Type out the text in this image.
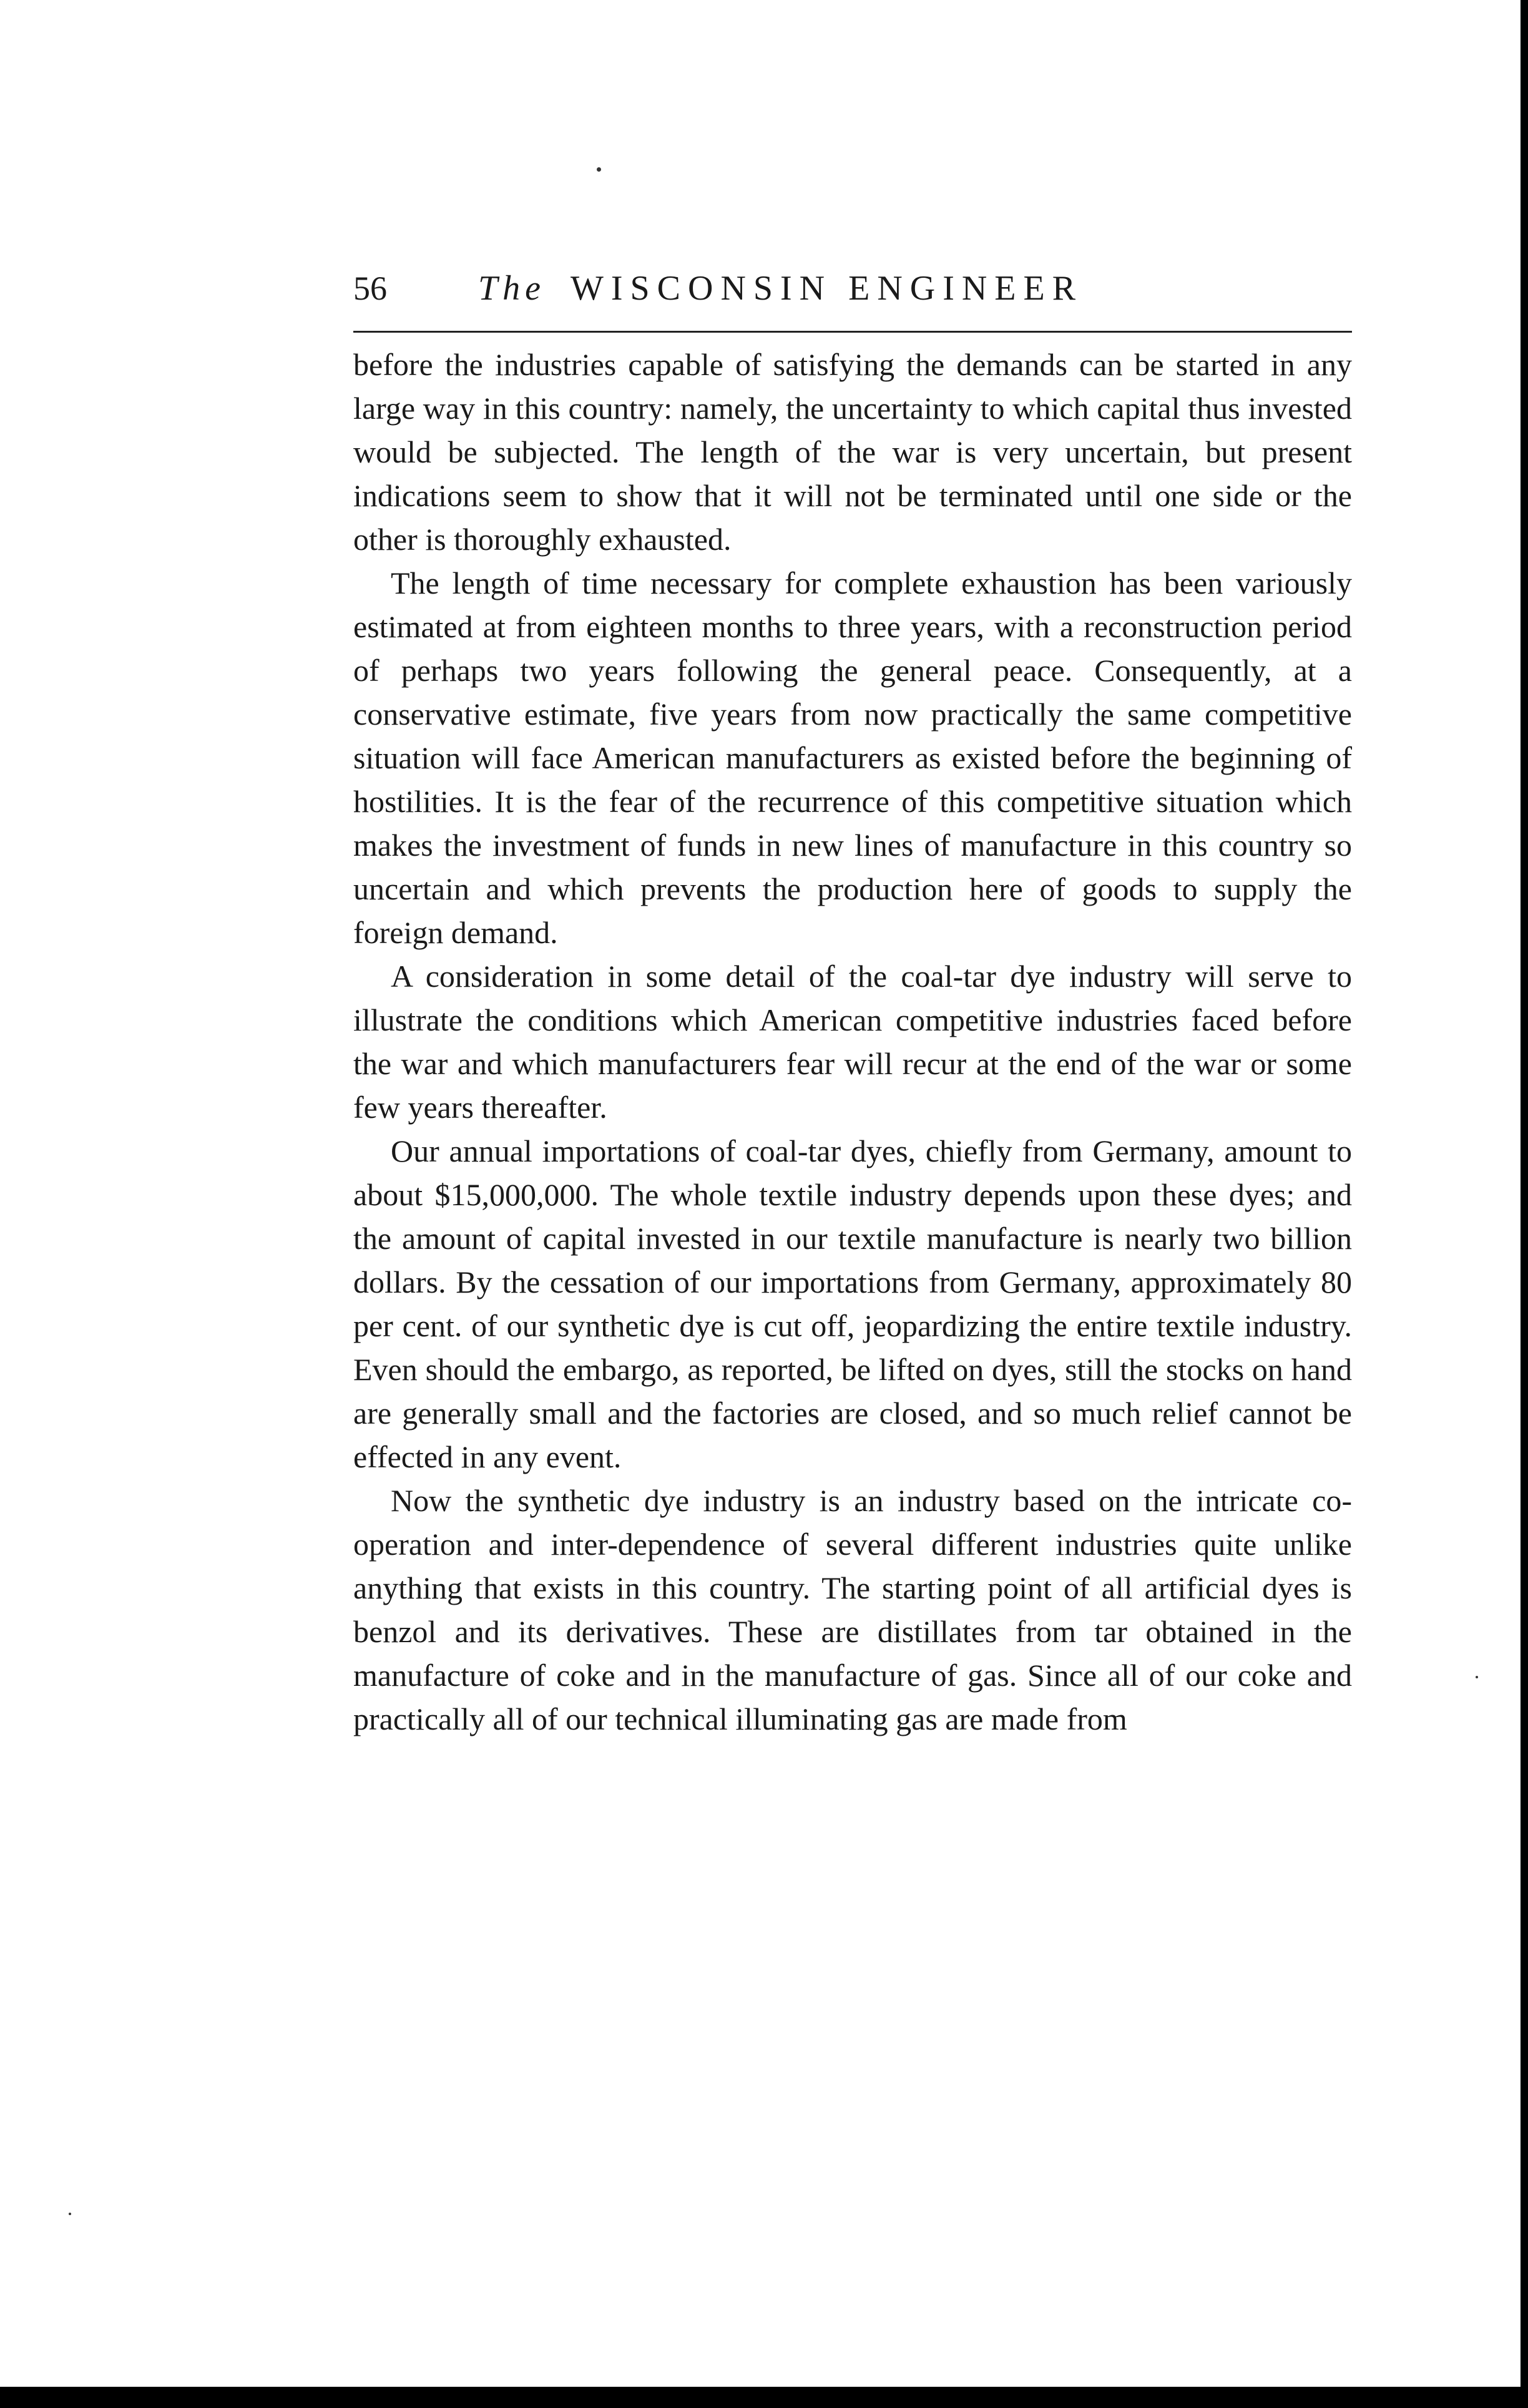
56	The WISCONSIN ENGINEER

before the industries capable of satisfying the demands can be started in any large way in this country: namely, the uncertainty to which capital thus invested would be subjected. The length of the war is very uncertain, but present indications seem to show that it will not be terminated until one side or the other is thoroughly exhausted.

The length of time necessary for complete exhaustion has been variously estimated at from eighteen months to three years, with a reconstruction period of perhaps two years following the general peace. Consequently, at a conservative estimate, five years from now practically the same competitive situation will face American manufacturers as existed before the beginning of hostilities. It is the fear of the recurrence of this competitive situation which makes the investment of funds in new lines of manufacture in this country so uncertain and which prevents the production here of goods to supply the foreign demand.

A consideration in some detail of the coal-tar dye industry will serve to illustrate the conditions which American competitive industries faced before the war and which manufacturers fear will recur at the end of the war or some few years thereafter.

Our annual importations of coal-tar dyes, chiefly from Germany, amount to about $15,000,000. The whole textile industry depends upon these dyes; and the amount of capital invested in our textile manufacture is nearly two billion dollars. By the cessation of our importations from Germany, approximately 80 per cent. of our synthetic dye is cut off, jeopardizing the entire textile industry. Even should the embargo, as reported, be lifted on dyes, still the stocks on hand are generally small and the factories are closed, and so much relief cannot be effected in any event.

Now the synthetic dye industry is an industry based on the intricate co-operation and inter-dependence of several different industries quite unlike anything that exists in this country. The starting point of all artificial dyes is benzol and its derivatives. These are distillates from tar obtained in the manufacture of coke and in the manufacture of gas. Since all of our coke and practically all of our technical illuminating gas are made from
